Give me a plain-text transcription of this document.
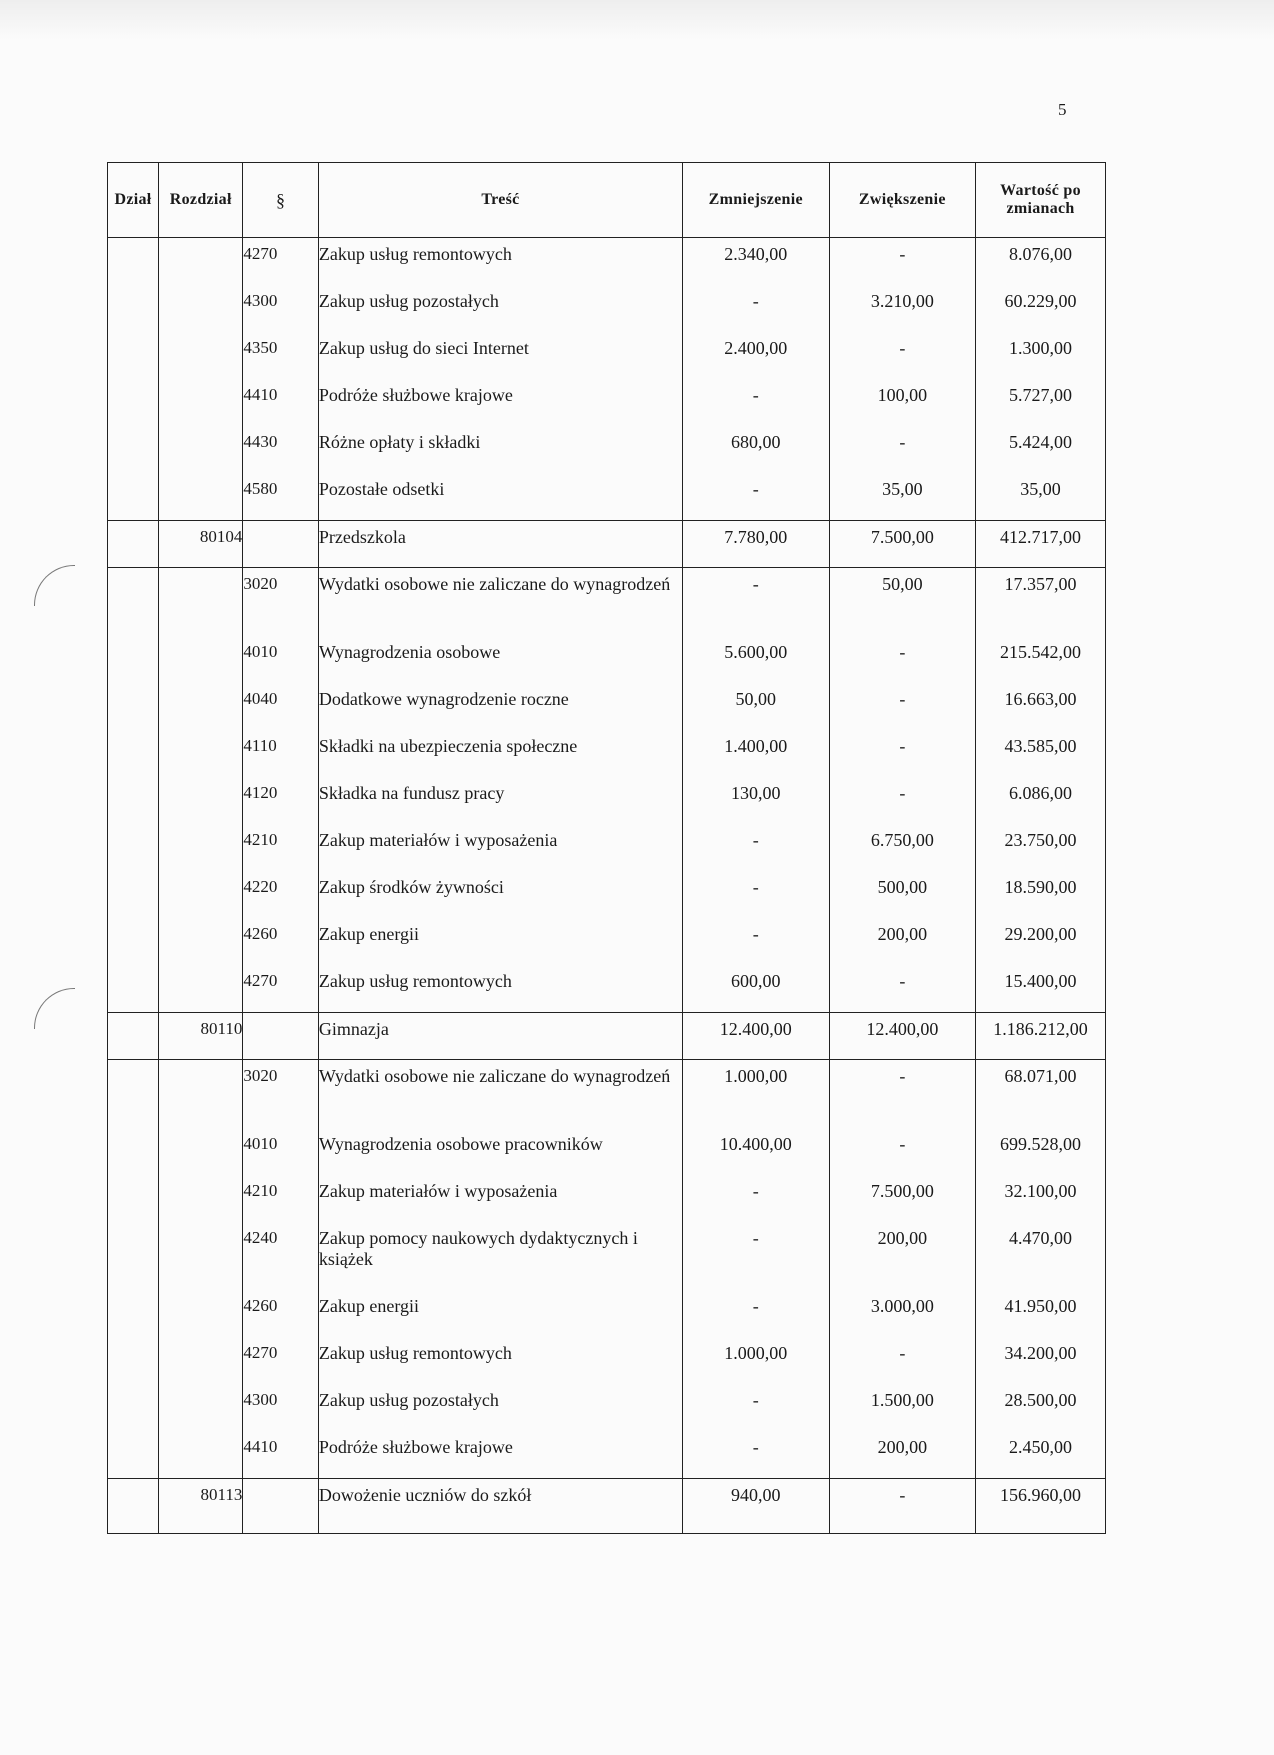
5
Dział	Rozdział	§	Treść	Zmniejszenie	Zwiększenie	Wartość po zmianach
		4270	Zakup usług remontowych	2.340,00	-	8.076,00
		4300	Zakup usług pozostałych	-	3.210,00	60.229,00
		4350	Zakup usług do sieci Internet	2.400,00	-	1.300,00
		4410	Podróże służbowe krajowe	-	100,00	5.727,00
		4430	Różne opłaty i składki	680,00	-	5.424,00
		4580	Pozostałe odsetki	-	35,00	35,00
	80104		Przedszkola	7.780,00	7.500,00	412.717,00
		3020	Wydatki osobowe nie zaliczane do wynagrodzeń	-	50,00	17.357,00
		4010	Wynagrodzenia osobowe	5.600,00	-	215.542,00
		4040	Dodatkowe wynagrodzenie roczne	50,00	-	16.663,00
		4110	Składki na ubezpieczenia społeczne	1.400,00	-	43.585,00
		4120	Składka na fundusz pracy	130,00	-	6.086,00
		4210	Zakup materiałów i wyposażenia	-	6.750,00	23.750,00
		4220	Zakup środków żywności	-	500,00	18.590,00
		4260	Zakup energii	-	200,00	29.200,00
		4270	Zakup usług remontowych	600,00	-	15.400,00
	80110		Gimnazja	12.400,00	12.400,00	1.186.212,00
		3020	Wydatki osobowe nie zaliczane do wynagrodzeń	1.000,00	-	68.071,00
		4010	Wynagrodzenia osobowe pracowników	10.400,00	-	699.528,00
		4210	Zakup materiałów i wyposażenia	-	7.500,00	32.100,00
		4240	Zakup pomocy naukowych dydaktycznych i książek	-	200,00	4.470,00
		4260	Zakup energii	-	3.000,00	41.950,00
		4270	Zakup usług remontowych	1.000,00	-	34.200,00
		4300	Zakup usług pozostałych	-	1.500,00	28.500,00
		4410	Podróże służbowe krajowe	-	200,00	2.450,00
	80113		Dowożenie uczniów do szkół	940,00	-	156.960,00
